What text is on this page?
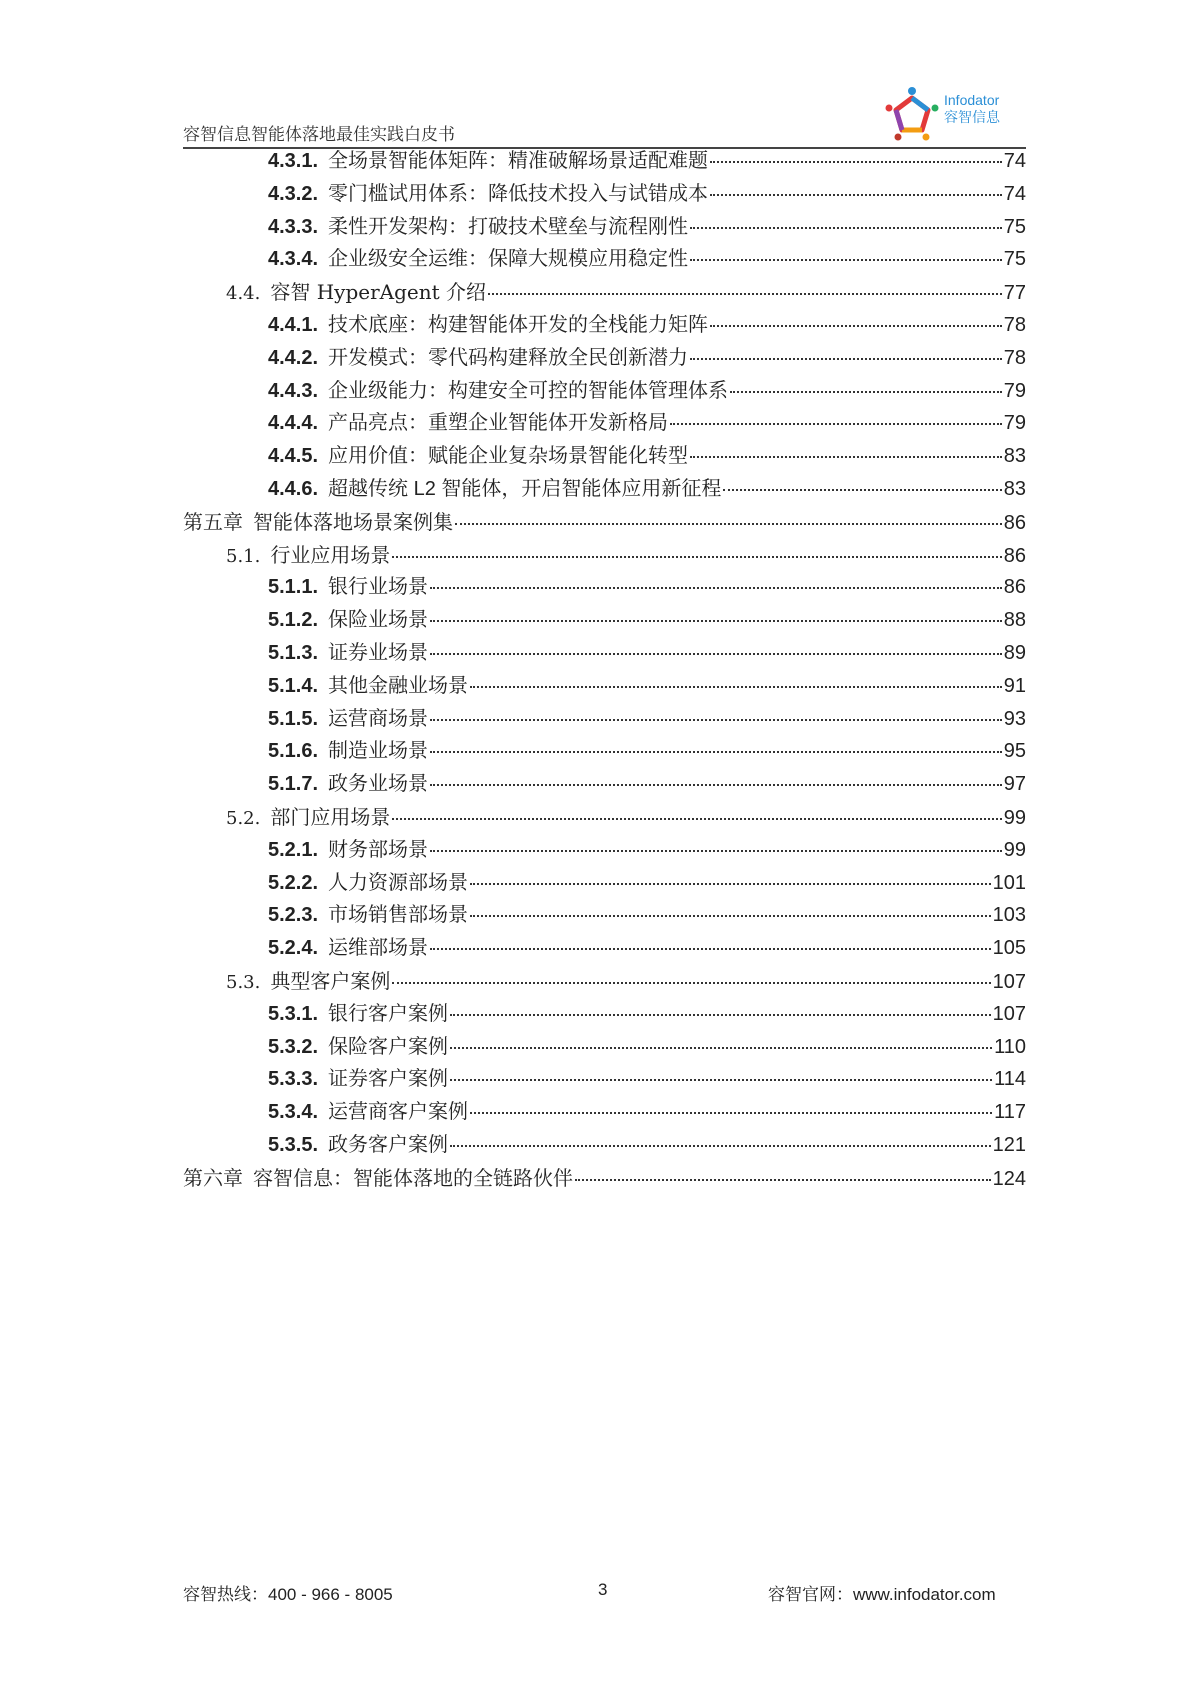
容智信息智能体落地最佳实践白皮书
Infodator
容智信息
4.3.1. 全场景智能体矩阵：精准破解场景适配难题	74
4.3.2. 零门槛试用体系：降低技术投入与试错成本	74
4.3.3. 柔性开发架构：打破技术壁垒与流程刚性	75
4.3.4. 企业级安全运维：保障大规模应用稳定性	75
4.4. 容智 HyperAgent 介绍	77
4.4.1. 技术底座：构建智能体开发的全栈能力矩阵	78
4.4.2. 开发模式：零代码构建释放全民创新潜力	78
4.4.3. 企业级能力：构建安全可控的智能体管理体系	79
4.4.4. 产品亮点：重塑企业智能体开发新格局	79
4.4.5. 应用价值：赋能企业复杂场景智能化转型	83
4.4.6. 超越传统 L2 智能体，开启智能体应用新征程	83
第五章 智能体落地场景案例集	86
5.1. 行业应用场景	86
5.1.1. 银行业场景	86
5.1.2. 保险业场景	88
5.1.3. 证券业场景	89
5.1.4. 其他金融业场景	91
5.1.5. 运营商场景	93
5.1.6. 制造业场景	95
5.1.7. 政务业场景	97
5.2. 部门应用场景	99
5.2.1. 财务部场景	99
5.2.2. 人力资源部场景	101
5.2.3. 市场销售部场景	103
5.2.4. 运维部场景	105
5.3. 典型客户案例	107
5.3.1. 银行客户案例	107
5.3.2. 保险客户案例	110
5.3.3. 证券客户案例	114
5.3.4. 运营商客户案例	117
5.3.5. 政务客户案例	121
第六章 容智信息：智能体落地的全链路伙伴	124
容智热线：400 - 966 - 8005	3	容智官网：www.infodator.com
